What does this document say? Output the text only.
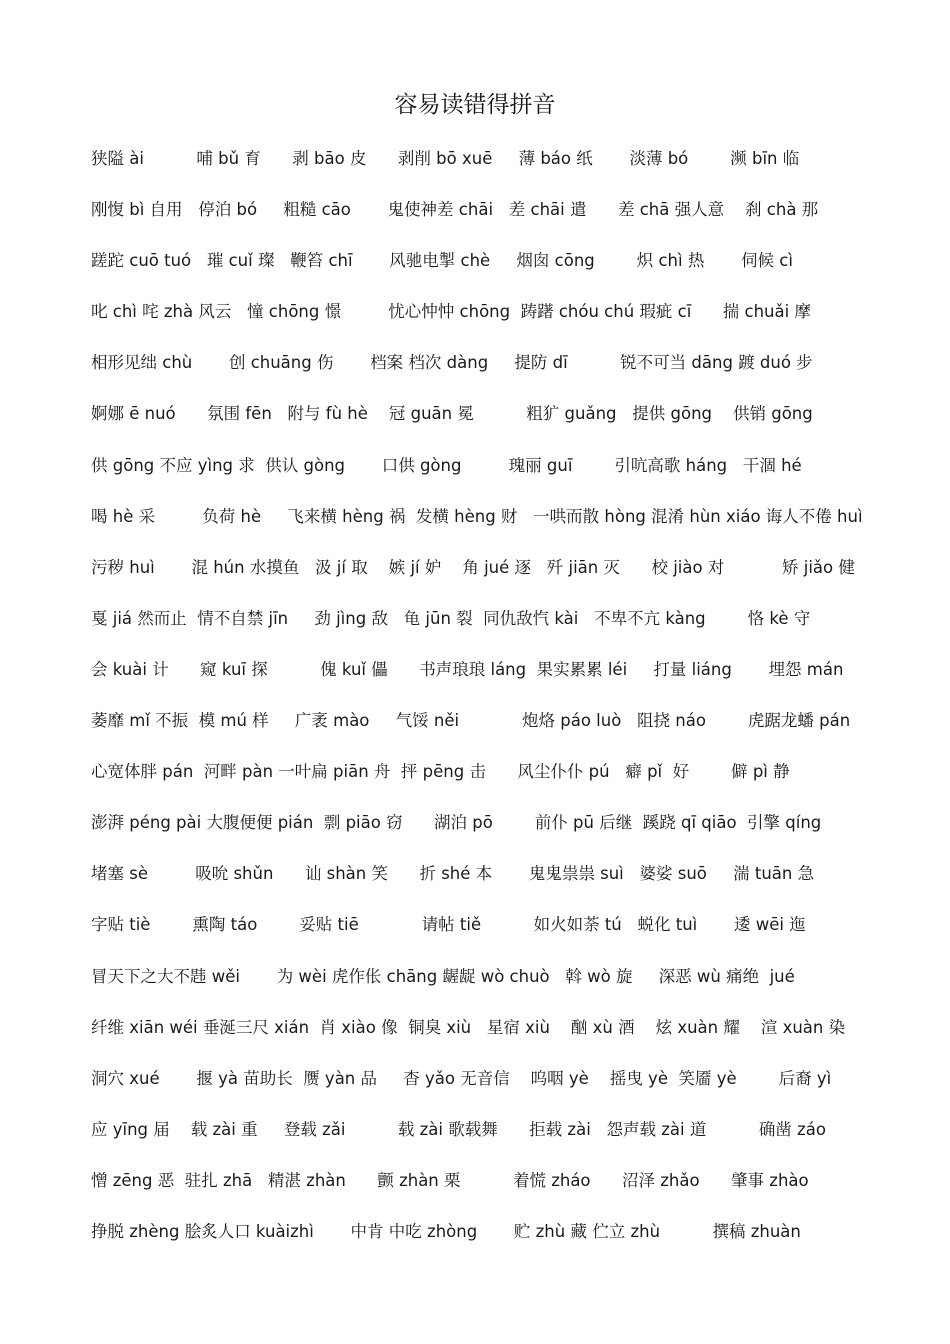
容易读错得拼音
狭隘 ài          哺 bǔ 育      剥 bāo 皮      剥削 bō xuē     薄 báo 纸       淡薄 bó        濒 bīn 临
刚愎 bì 自用   停泊 bó     粗糙 cāo       鬼使神差 chāi   差 chāi 遣      差 chā 强人意    刹 chà 那
蹉跎 cuō tuó   璀 cuǐ 璨   鞭笞 chī       风驰电掣 chè     烟囱 cōng        炽 chì 热       伺候 cì
叱 chì 咤 zhà 风云   憧 chōng 憬         忧心忡忡 chōng  踌躇 chóu chú 瑕疵 cī      揣 chuǎi 摩
相形见绌 chù       创 chuāng 伤       档案 档次 dàng     提防 dī          锐不可当 dāng 踱 duó 步
婀娜 ē nuó      氛围 fēn   附与 fù hè    冠 guān 冕          粗犷 guǎng   提供 gōng    供销 gōng
供 gōng 不应 yìng 求  供认 gòng       口供 gòng         瑰丽 guī        引吭高歌 háng   干涸 hé
喝 hè 采         负荷 hè     飞来横 hèng 祸  发横 hèng 财   一哄而散 hòng 混淆 hùn xiáo 诲人不倦 huì
污秽 huì       混 hún 水摸鱼   汲 jí 取    嫉 jí 妒    角 jué 逐   歼 jiān 灭      校 jiào 对           矫 jiǎo 健
戛 jiá 然而止  情不自禁 jīn     劲 jìng 敌   龟 jūn 裂  同仇敌忾 kài   不卑不亢 kàng        恪 kè 守
会 kuài 计      窥 kuī 探          傀 kuǐ 儡      书声琅琅 láng  果实累累 léi     打量 liáng       埋怨 mán
萎靡 mǐ 不振  模 mú 样     广袤 mào     气馁 něi            炮烙 páo luò   阻挠 náo        虎踞龙蟠 pán
心宽体胖 pán  河畔 pàn 一叶扁 piān 舟  抨 pēng 击      风尘仆仆 pú   癖 pǐ  好        僻 pì 静
澎湃 péng pài 大腹便便 pián  剽 piāo 窃      湖泊 pō        前仆 pū 后继  蹊跷 qī qiāo  引擎 qíng
堵塞 sè         吸吮 shǔn      讪 shàn 笑      折 shé 本       鬼鬼祟祟 suì   婆娑 suō     湍 tuān 急
字贴 tiè        熏陶 táo        妥贴 tiē            请帖 tiě          如火如荼 tú   蜕化 tuì       逶 wēi 迤
冒天下之大不韪 wěi       为 wèi 虎作伥 chāng 龌龊 wò chuò   斡 wò 旋     深恶 wù 痛绝  jué
纤维 xiān wéi 垂涎三尺 xián  肖 xiào 像  铜臭 xiù   星宿 xiù    酗 xù 酒    炫 xuàn 耀    渲 xuàn 染
洞穴 xué       揠 yà 苗助长  赝 yàn 品     杳 yǎo 无音信    呜咽 yè    摇曳 yè  笑靥 yè        后裔 yì
应 yīng 届    载 zài 重     登载 zǎi          载 zài 歌载舞      拒载 zài   怨声载 zài 道          确凿 záo
憎 zēng 恶  驻扎 zhā   精湛 zhàn      颤 zhàn 栗          着慌 zháo      沼泽 zhǎo      肇事 zhào
挣脱 zhèng 脍炙人口 kuàizhì       中肯 中吃 zhòng       贮 zhù 藏 伫立 zhù          撰稿 zhuàn
